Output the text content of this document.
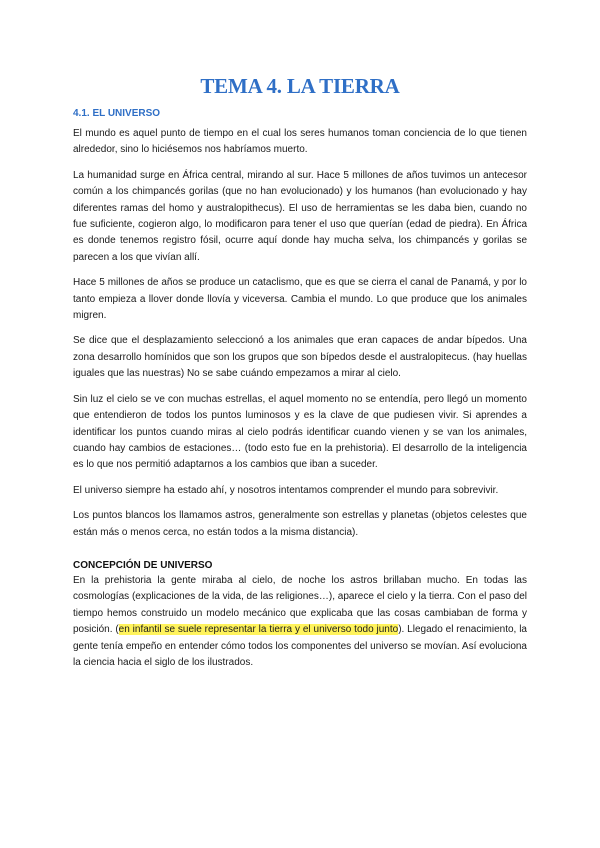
TEMA 4. LA TIERRA
4.1. EL UNIVERSO

El mundo es aquel punto de tiempo en el cual los seres humanos toman conciencia de lo que tienen alrededor, sino lo hiciésemos nos habríamos muerto.

La humanidad surge en África central, mirando al sur. Hace 5 millones de años tuvimos un antecesor común a los chimpancés gorilas (que no han evolucionado) y los humanos (han evolucionado y hay diferentes ramas del homo y australopithecus). El uso de herramientas se les daba bien, cuando no fue suficiente, cogieron algo, lo modificaron para tener el uso que querían (edad de piedra). En África es donde tenemos registro fósil, ocurre aquí donde hay mucha selva, los chimpancés y gorilas se parecen a los que vivían allí.

Hace 5 millones de años se produce un cataclismo, que es que se cierra el canal de Panamá, y por lo tanto empieza a llover donde llovía y viceversa. Cambia el mundo. Lo que produce que los animales migren.

Se dice que el desplazamiento seleccionó a los animales que eran capaces de andar bípedos. Una zona desarrollo homínidos que son los grupos que son bípedos desde el australopitecus. (hay huellas iguales que las nuestras) No se sabe cuándo empezamos a mirar al cielo.

Sin luz el cielo se ve con muchas estrellas, el aquel momento no se entendía, pero llegó un momento que entendieron de todos los puntos luminosos y es la clave de que pudiesen vivir. Si aprendes a identificar los puntos cuando miras al cielo podrás identificar cuando vienen y se van los animales, cuando hay cambios de estaciones… (todo esto fue en la prehistoria). El desarrollo de la inteligencia es lo que nos permitió adaptarnos a los cambios que iban a suceder.

El universo siempre ha estado ahí, y nosotros intentamos comprender el mundo para sobrevivir.

Los puntos blancos los llamamos astros, generalmente son estrellas y planetas (objetos celestes que están más o menos cerca, no están todos a la misma distancia).

CONCEPCIÓN DE UNIVERSO

En la prehistoria la gente miraba al cielo, de noche los astros brillaban mucho. En todas las cosmologías (explicaciones de la vida, de las religiones…), aparece el cielo y la tierra. Con el paso del tiempo hemos construido un modelo mecánico que explicaba que las cosas cambiaban de forma y posición. (en infantil se suele representar la tierra y el universo todo junto). Llegado el renacimiento, la gente tenía empeño en entender cómo todos los componentes del universo se movían. Así evoluciona la ciencia hacia el siglo de los ilustrados.
